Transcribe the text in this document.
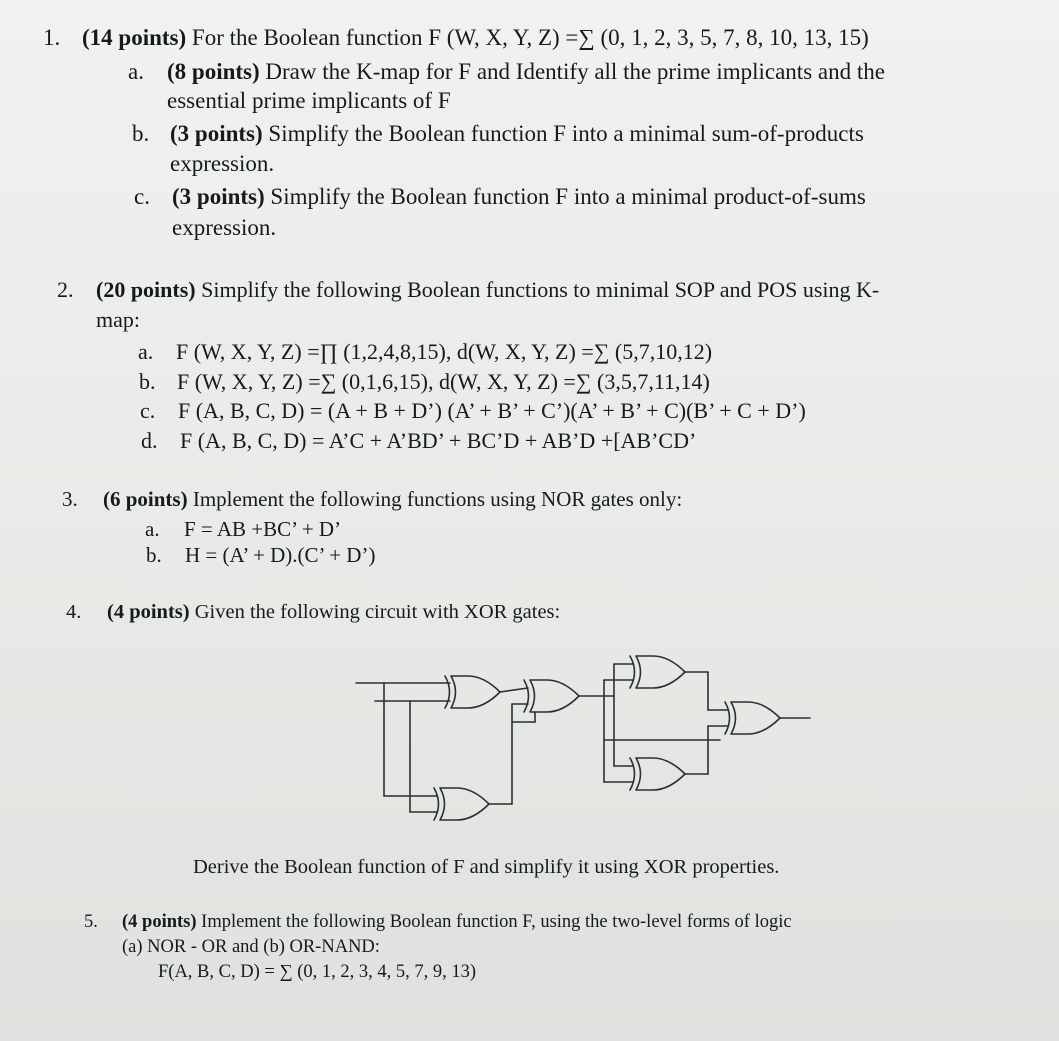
1. (14 points) For the Boolean function F (W, X, Y, Z) =∑ (0, 1, 2, 3, 5, 7, 8, 10, 13, 15)
a. (8 points) Draw the K-map for F and Identify all the prime implicants and the
essential prime implicants of F
b. (3 points) Simplify the Boolean function F into a minimal sum-of-products
expression.
c. (3 points) Simplify the Boolean function F into a minimal product-of-sums
expression.
2. (20 points) Simplify the following Boolean functions to minimal SOP and POS using K-
map:
a. F (W, X, Y, Z) =∏ (1,2,4,8,15), d(W, X, Y, Z) =∑ (5,7,10,12)
b. F (W, X, Y, Z) =∑ (0,1,6,15), d(W, X, Y, Z) =∑ (3,5,7,11,14)
c. F (A, B, C, D) = (A + B + D’) (A’ + B’ + C’)(A’ + B’ + C)(B’ + C + D’)
d. F (A, B, C, D) = A’C + A’BD’ + BC’D + AB’D +[AB’CD’
3. (6 points) Implement the following functions using NOR gates only:
a. F = AB +BC’ + D’
b. H = (A’ + D).(C’ + D’)
4. (4 points) Given the following circuit with XOR gates:
Derive the Boolean function of F and simplify it using XOR properties.
5. (4 points) Implement the following Boolean function F, using the two-level forms of logic
(a) NOR - OR and (b) OR-NAND:
F(A, B, C, D) = ∑ (0, 1, 2, 3, 4, 5, 7, 9, 13)
